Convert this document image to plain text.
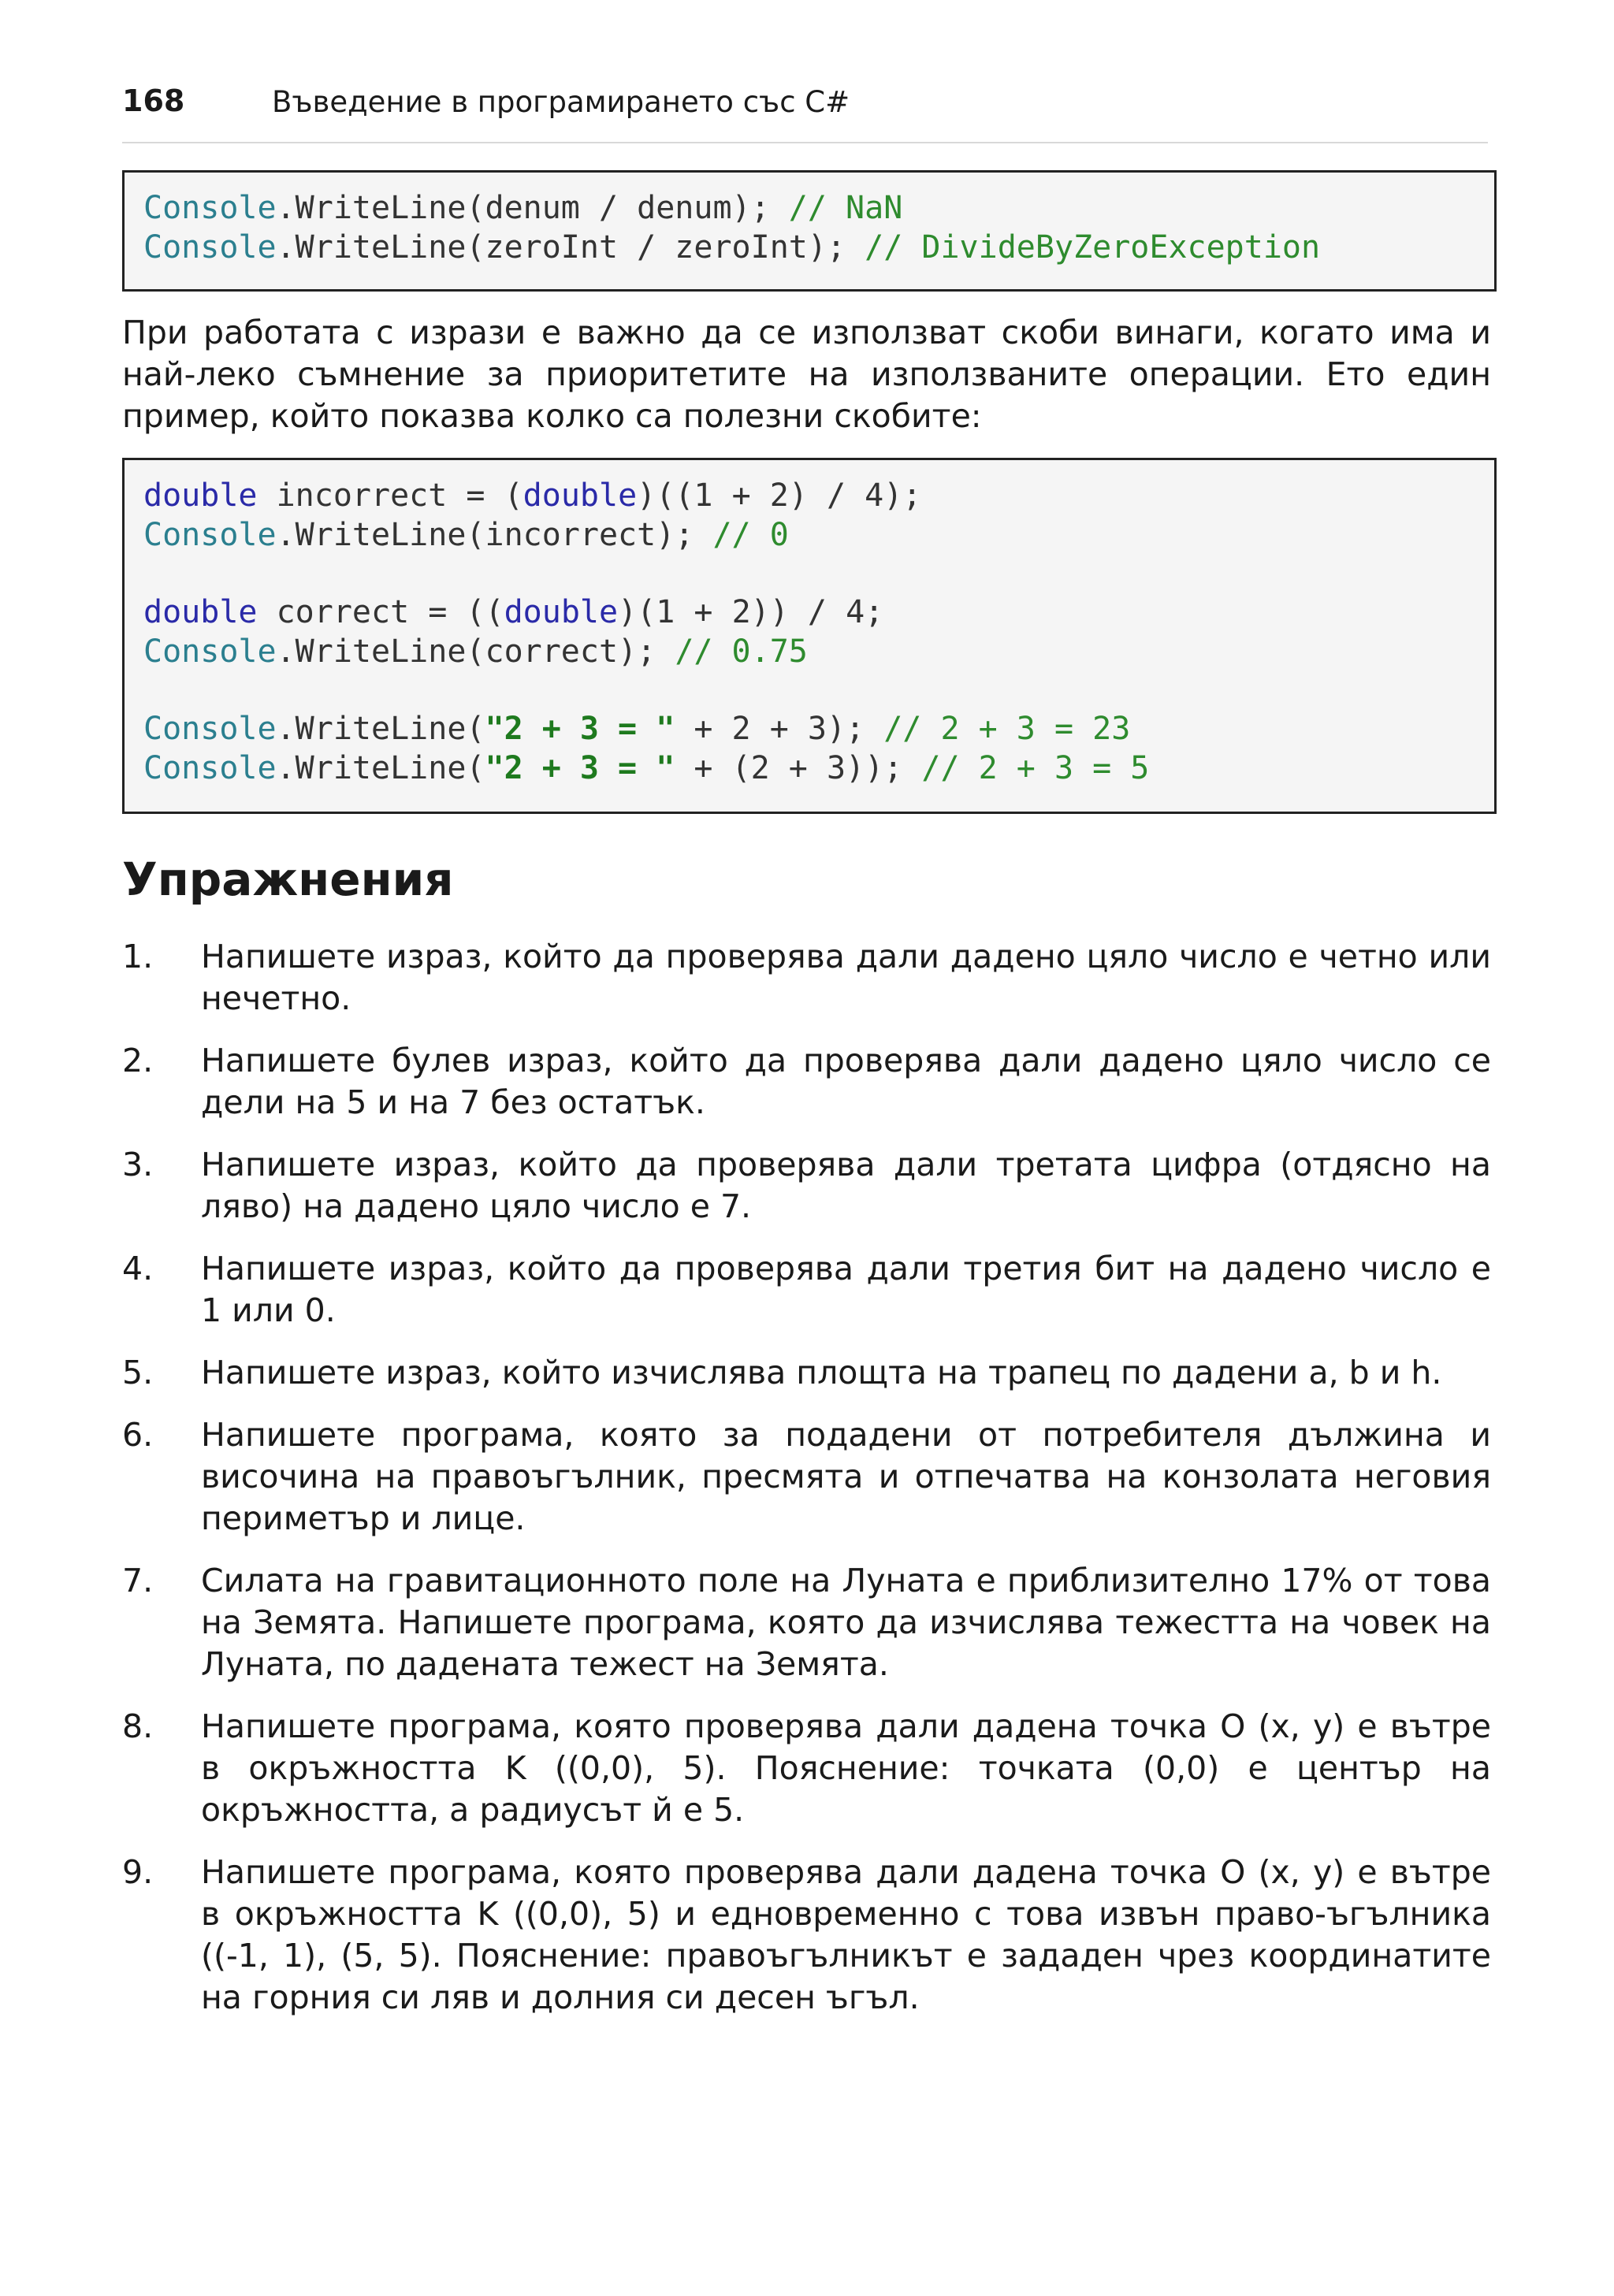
168	Въведение в програмирането със C#
Console.WriteLine(denum / denum); // NaN
Console.WriteLine(zeroInt / zeroInt); // DivideByZeroException
При работата с изрази е важно да се използват скоби винаги, когато има и най-леко съмнение за приоритетите на използваните операции. Ето един пример, който показва колко са полезни скобите:
double incorrect = (double)((1 + 2) / 4);
Console.WriteLine(incorrect); // 0
double correct = ((double)(1 + 2)) / 4;
Console.WriteLine(correct); // 0.75
Console.WriteLine("2 + 3 = " + 2 + 3); // 2 + 3 = 23
Console.WriteLine("2 + 3 = " + (2 + 3)); // 2 + 3 = 5
Упражнения
1. Напишете израз, който да проверява дали дадено цяло число е четно или нечетно.
2. Напишете булев израз, който да проверява дали дадено цяло число се дели на 5 и на 7 без остатък.
3. Напишете израз, който да проверява дали третата цифра (отдясно на ляво) на дадено цяло число е 7.
4. Напишете израз, който да проверява дали третия бит на дадено число е 1 или 0.
5. Напишете израз, който изчислява площта на трапец по дадени a, b и h.
6. Напишете програма, която за подадени от потребителя дължина и височина на правоъгълник, пресмята и отпечатва на конзолата неговия периметър и лице.
7. Силата на гравитационното поле на Луната е приблизително 17% от това на Земята. Напишете програма, която да изчислява тежестта на човек на Луната, по дадената тежест на Земята.
8. Напишете програма, която проверява дали дадена точка O (x, y) е вътре в окръжността K ((0,0), 5). Пояснение: точката (0,0) е център на окръжността, а радиусът й е 5.
9. Напишете програма, която проверява дали дадена точка O (x, y) е вътре в окръжността K ((0,0), 5) и едновременно с това извън право-ъгълника ((-1, 1), (5, 5). Пояснение: правоъгълникът е зададен чрез координатите на горния си ляв и долния си десен ъгъл.
